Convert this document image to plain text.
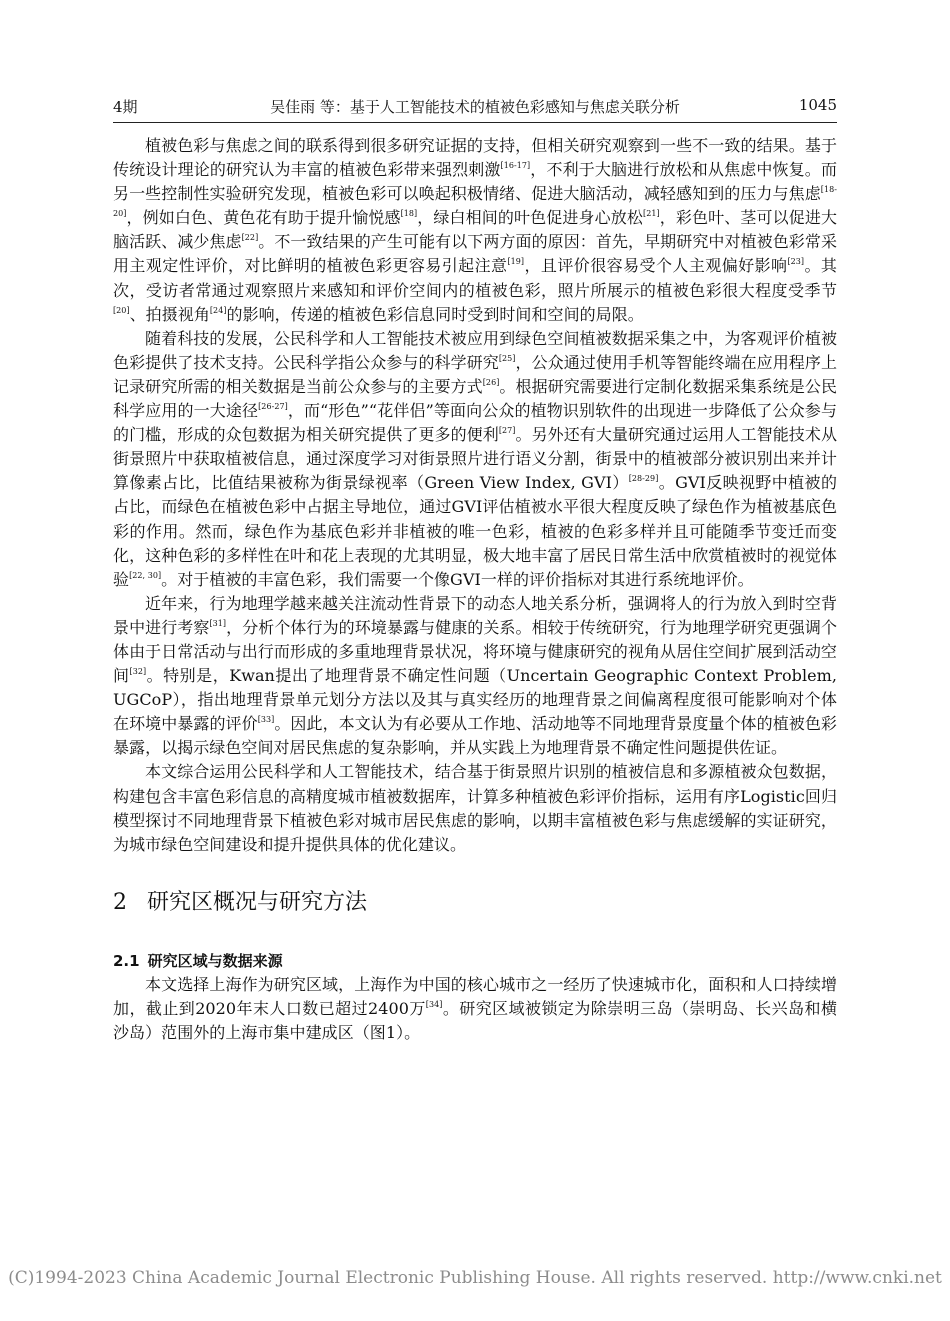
4期	吴佳雨 等：基于人工智能技术的植被色彩感知与焦虑关联分析	1045

植被色彩与焦虑之间的联系得到很多研究证据的支持，但相关研究观察到一些不一致的结果。基于传统设计理论的研究认为丰富的植被色彩带来强烈刺激[16-17]，不利于大脑进行放松和从焦虑中恢复。而另一些控制性实验研究发现，植被色彩可以唤起积极情绪、促进大脑活动，减轻感知到的压力与焦虑[18-20]，例如白色、黄色花有助于提升愉悦感[18]，绿白相间的叶色促进身心放松[21]，彩色叶、茎可以促进大脑活跃、减少焦虑[22]。不一致结果的产生可能有以下两方面的原因：首先，早期研究中对植被色彩常采用主观定性评价，对比鲜明的植被色彩更容易引起注意[19]，且评价很容易受个人主观偏好影响[23]。其次，受访者常通过观察照片来感知和评价空间内的植被色彩，照片所展示的植被色彩很大程度受季节[20]、拍摄视角[24]的影响，传递的植被色彩信息同时受到时间和空间的局限。

随着科技的发展，公民科学和人工智能技术被应用到绿色空间植被数据采集之中，为客观评价植被色彩提供了技术支持。公民科学指公众参与的科学研究[25]，公众通过使用手机等智能终端在应用程序上记录研究所需的相关数据是当前公众参与的主要方式[26]。根据研究需要进行定制化数据采集系统是公民科学应用的一大途径[26-27]，而“形色”“花伴侣”等面向公众的植物识别软件的出现进一步降低了公众参与的门槛，形成的众包数据为相关研究提供了更多的便利[27]。另外还有大量研究通过运用人工智能技术从街景照片中获取植被信息，通过深度学习对街景照片进行语义分割，街景中的植被部分被识别出来并计算像素占比，比值结果被称为街景绿视率（Green View Index, GVI）[28-29]。GVI反映视野中植被的占比，而绿色在植被色彩中占据主导地位，通过GVI评估植被水平很大程度反映了绿色作为植被基底色彩的作用。然而，绿色作为基底色彩并非植被的唯一色彩，植被的色彩多样并且可能随季节变迁而变化，这种色彩的多样性在叶和花上表现的尤其明显，极大地丰富了居民日常生活中欣赏植被时的视觉体验[22, 30]。对于植被的丰富色彩，我们需要一个像GVI一样的评价指标对其进行系统地评价。

近年来，行为地理学越来越关注流动性背景下的动态人地关系分析，强调将人的行为放入到时空背景中进行考察[31]，分析个体行为的环境暴露与健康的关系。相较于传统研究，行为地理学研究更强调个体由于日常活动与出行而形成的多重地理背景状况，将环境与健康研究的视角从居住空间扩展到活动空间[32]。特别是，Kwan提出了地理背景不确定性问题（Uncertain Geographic Context Problem, UGCoP），指出地理背景单元划分方法以及其与真实经历的地理背景之间偏离程度很可能影响对个体在环境中暴露的评价[33]。因此，本文认为有必要从工作地、活动地等不同地理背景度量个体的植被色彩暴露，以揭示绿色空间对居民焦虑的复杂影响，并从实践上为地理背景不确定性问题提供佐证。

本文综合运用公民科学和人工智能技术，结合基于街景照片识别的植被信息和多源植被众包数据，构建包含丰富色彩信息的高精度城市植被数据库，计算多种植被色彩评价指标，运用有序Logistic回归模型探讨不同地理背景下植被色彩对城市居民焦虑的影响，以期丰富植被色彩与焦虑缓解的实证研究，为城市绿色空间建设和提升提供具体的优化建议。

2 研究区概况与研究方法
2.1 研究区域与数据来源

本文选择上海作为研究区域，上海作为中国的核心城市之一经历了快速城市化，面积和人口持续增加，截止到2020年末人口数已超过2400万[34]。研究区域被锁定为除崇明三岛（崇明岛、长兴岛和横沙岛）范围外的上海市集中建成区（图1）。

(C)1994-2023 China Academic Journal Electronic Publishing House. All rights reserved. http://www.cnki.net
